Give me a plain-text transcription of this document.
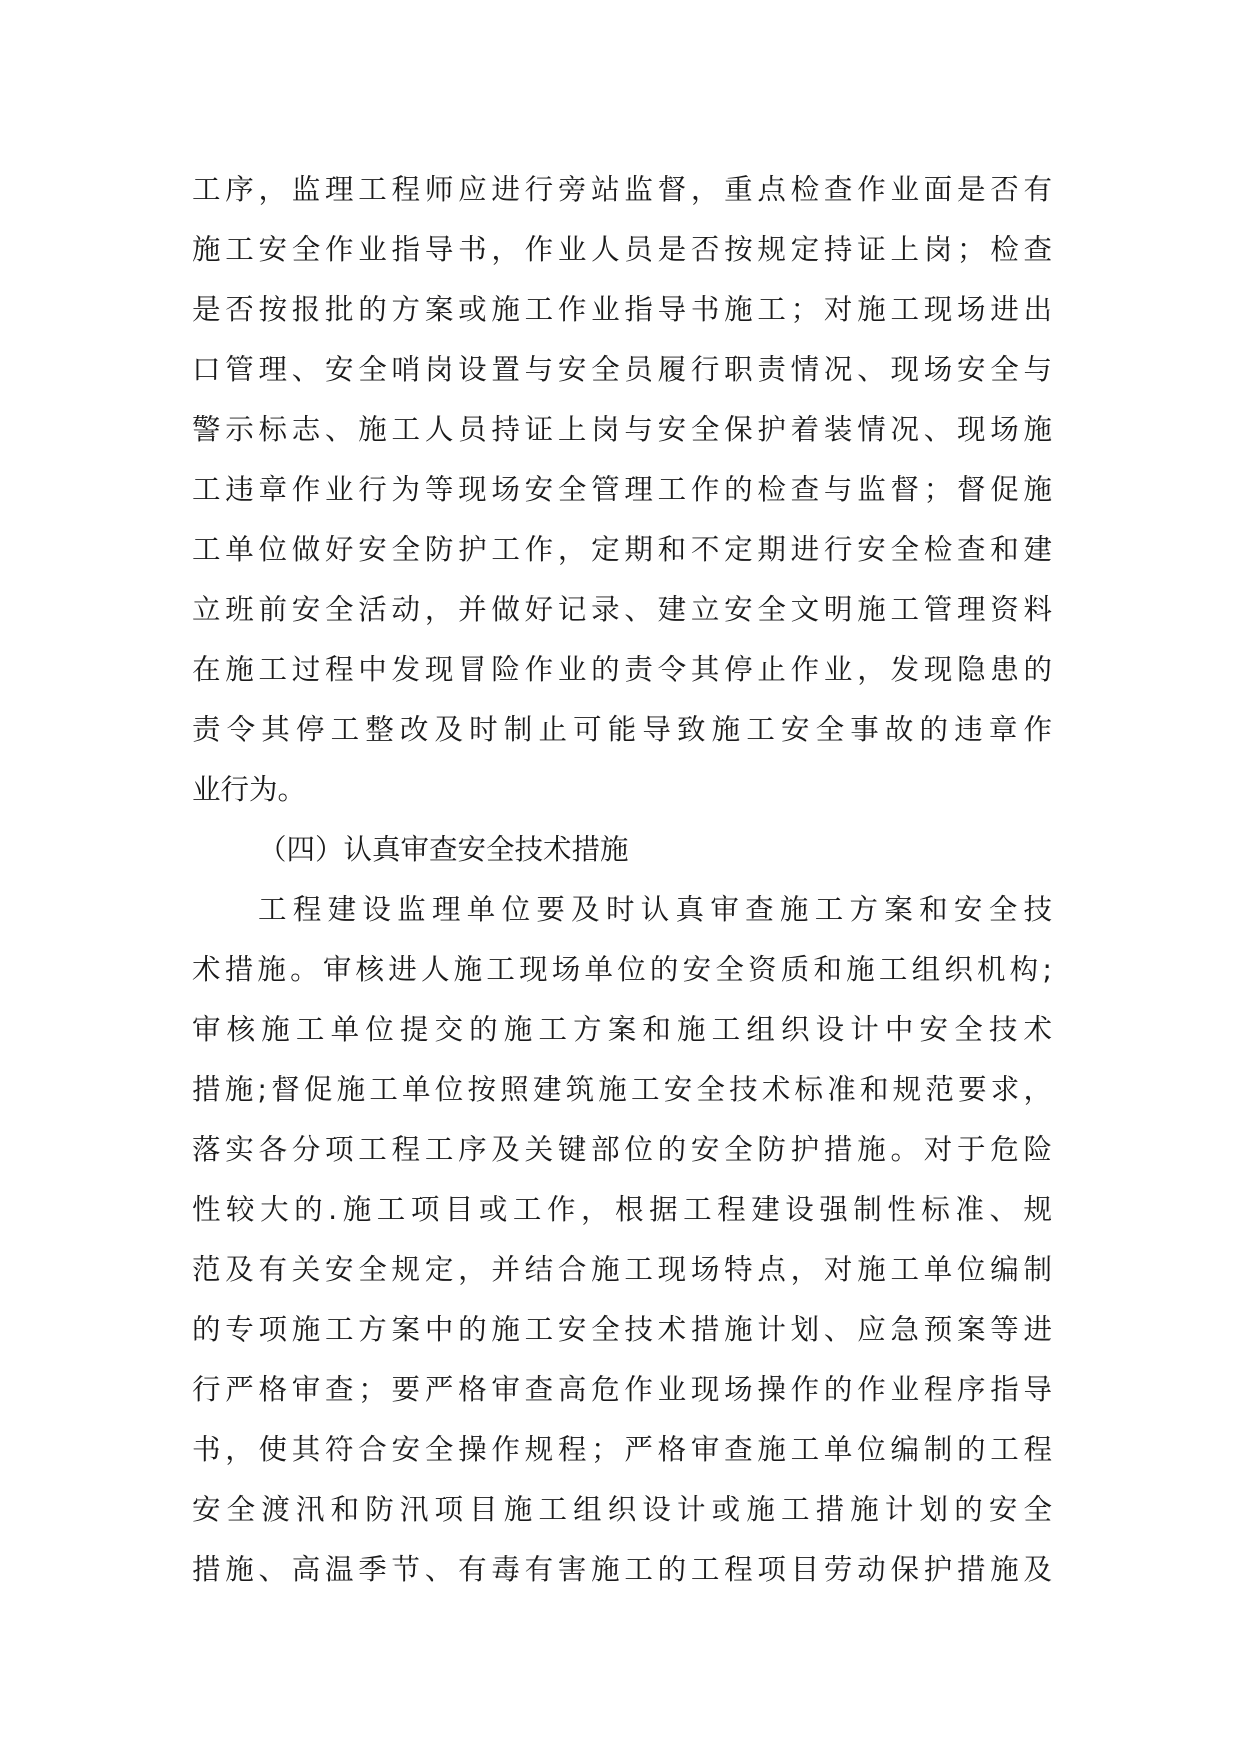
工序，监理工程师应进行旁站监督，重点检查作业面是否有
施工安全作业指导书，作业人员是否按规定持证上岗；检查
是否按报批的方案或施工作业指导书施工；对施工现场进出
口管理、安全哨岗设置与安全员履行职责情况、现场安全与
警示标志、施工人员持证上岗与安全保护着装情况、现场施
工违章作业行为等现场安全管理工作的检查与监督；督促施
工单位做好安全防护工作，定期和不定期进行安全检查和建
立班前安全活动，并做好记录、建立安全文明施工管理资料
在施工过程中发现冒险作业的责令其停止作业，发现隐患的
责令其停工整改及时制止可能导致施工安全事故的违章作
业行为。
（四）认真审查安全技术措施
工程建设监理单位要及时认真审查施工方案和安全技
术措施。审核进人施工现场单位的安全资质和施工组织机构;
审核施工单位提交的施工方案和施工组织设计中安全技术
措施;督促施工单位按照建筑施工安全技术标准和规范要求，
落实各分项工程工序及关键部位的安全防护措施。对于危险
性较大的.施工项目或工作，根据工程建设强制性标准、规
范及有关安全规定，并结合施工现场特点，对施工单位编制
的专项施工方案中的施工安全技术措施计划、应急预案等进
行严格审查；要严格审查高危作业现场操作的作业程序指导
书，使其符合安全操作规程；严格审查施工单位编制的工程
安全渡汛和防汛项目施工组织设计或施工措施计划的安全
措施、高温季节、有毒有害施工的工程项目劳动保护措施及
